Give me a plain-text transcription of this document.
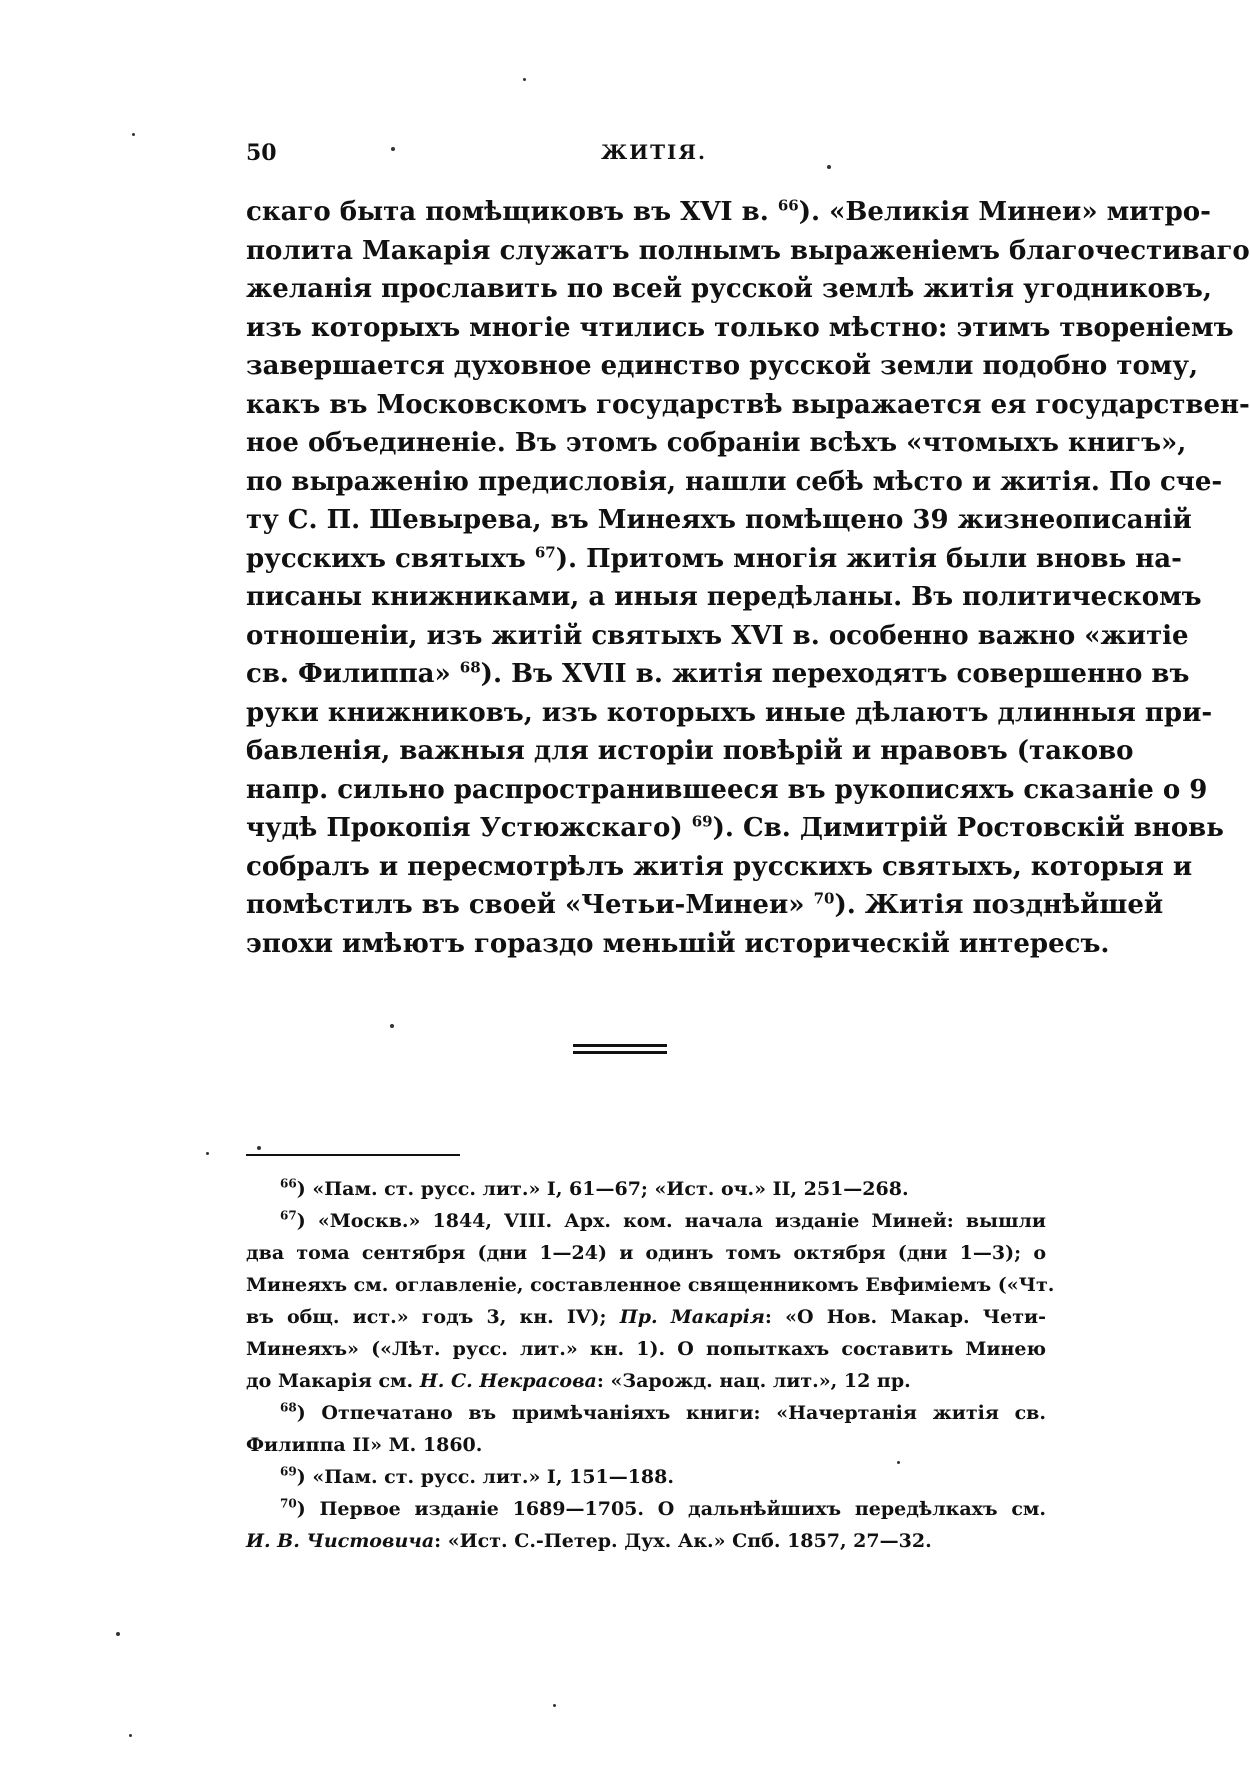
50	ЖИТІЯ.
скаго быта помѣщиковъ въ XVI в. $^{66}$). «Великія Минеи» митро-
полита Макарія служатъ полнымъ выраженіемъ благочестиваго
желанія прославить по всей русской землѣ житія угодниковъ,
изъ которыхъ многіе чтились только мѣстно: этимъ твореніемъ
завершается духовное единство русской земли подобно тому,
какъ въ Московскомъ государствѣ выражается ея государствен-
ное объединеніе. Въ этомъ собраніи всѣхъ «чтомыхъ книгъ»,
по выраженію предисловія, нашли себѣ мѣсто и житія. По сче-
ту С. П. Шевырева, въ Минеяхъ помѣщено 39 жизнеописаній
русскихъ святыхъ $^{67}$). Притомъ многія житія были вновь на-
писаны книжниками, а иныя передѣланы. Въ политическомъ
отношеніи, изъ житій святыхъ XVI в. особенно важно «житіе
св. Филиппа» $^{68}$). Въ XVII в. житія переходятъ совершенно въ
руки книжниковъ, изъ которыхъ иные дѣлаютъ длинныя при-
бавленія, важныя для исторіи повѣрій и нравовъ (таково
напр. сильно распространившееся въ рукописяхъ сказаніе о 9
чудѣ Прокопія Устюжскаго) $^{69}$). Св. Димитрій Ростовскій вновь
собралъ и пересмотрѣлъ житія русскихъ святыхъ, которыя и
помѣстилъ въ своей «Четьи-Минеи» $^{70}$). Житія позднѣйшей
эпохи имѣютъ гораздо меньшій историческій интересъ.
$^{66}$) «Пам. ст. русс. лит.» I, 61—67; «Ист. оч.» II, 251—268.
$^{67}$) «Москв.» 1844, VIII. Арх. ком. начала изданіе Миней: вышли
два тома сентября (дни 1—24) и одинъ томъ октября (дни 1—3); о
Минеяхъ см. оглавленіе, составленное священникомъ Евфиміемъ («Чт.
въ общ. ист.» годъ 3, кн. IV); Пр. Макарія: «О Нов. Макар. Чети-
Минеяхъ» («Лѣт. русс. лит.» кн. 1). О попыткахъ составить Минею
до Макарія см. Н. С. Некрасова: «Зарожд. нац. лит.», 12 пр.
$^{68}$) Отпечатано въ примѣчаніяхъ книги: «Начертанія житія св.
Филиппа II» М. 1860.
$^{69}$) «Пам. ст. русс. лит.» I, 151—188.
$^{70}$) Первое изданіе 1689—1705. О дальнѣйшихъ передѣлкахъ см.
И. В. Чистовича: «Ист. С.-Петер. Дух. Ак.» Спб. 1857, 27—32.
